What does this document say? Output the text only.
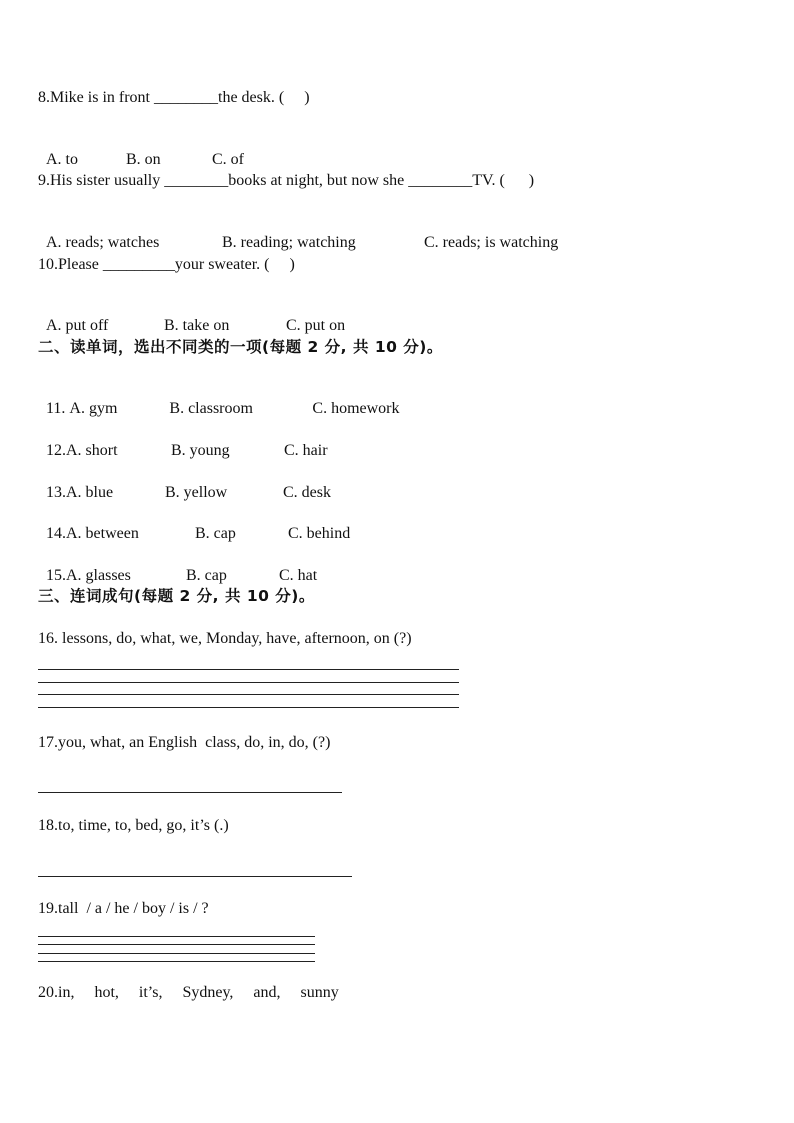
8.Mike is in front ________the desk. (     )

A. to	B. on	C. of

9.His sister usually ________books at night, but now she ________TV. (      )

A. reads; watches	B. reading; watching	C. reads; is watching

10.Please _________your sweater. (     )

A. put off	B. take on	C. put on

二、读单词，选出不同类的一项(每题 2 分, 共 10 分)。

11. A. gym	B. classroom	C. homework

12.A. short	B. young	C. hair

13.A. blue	B. yellow	C. desk

14.A. between	B. cap	C. behind

15.A. glasses	B. cap	C. hat

三、连词成句(每题 2 分, 共 10 分)。
16. lessons, do, what, we, Monday, have, afternoon, on (?)
17.you, what, an English  class, do, in, do, (?)
18.to, time, to, bed, go, it’s (.)
19.tall  / a / he / boy / is / ?
20.in,     hot,     it’s,     Sydney,     and,     sunny
